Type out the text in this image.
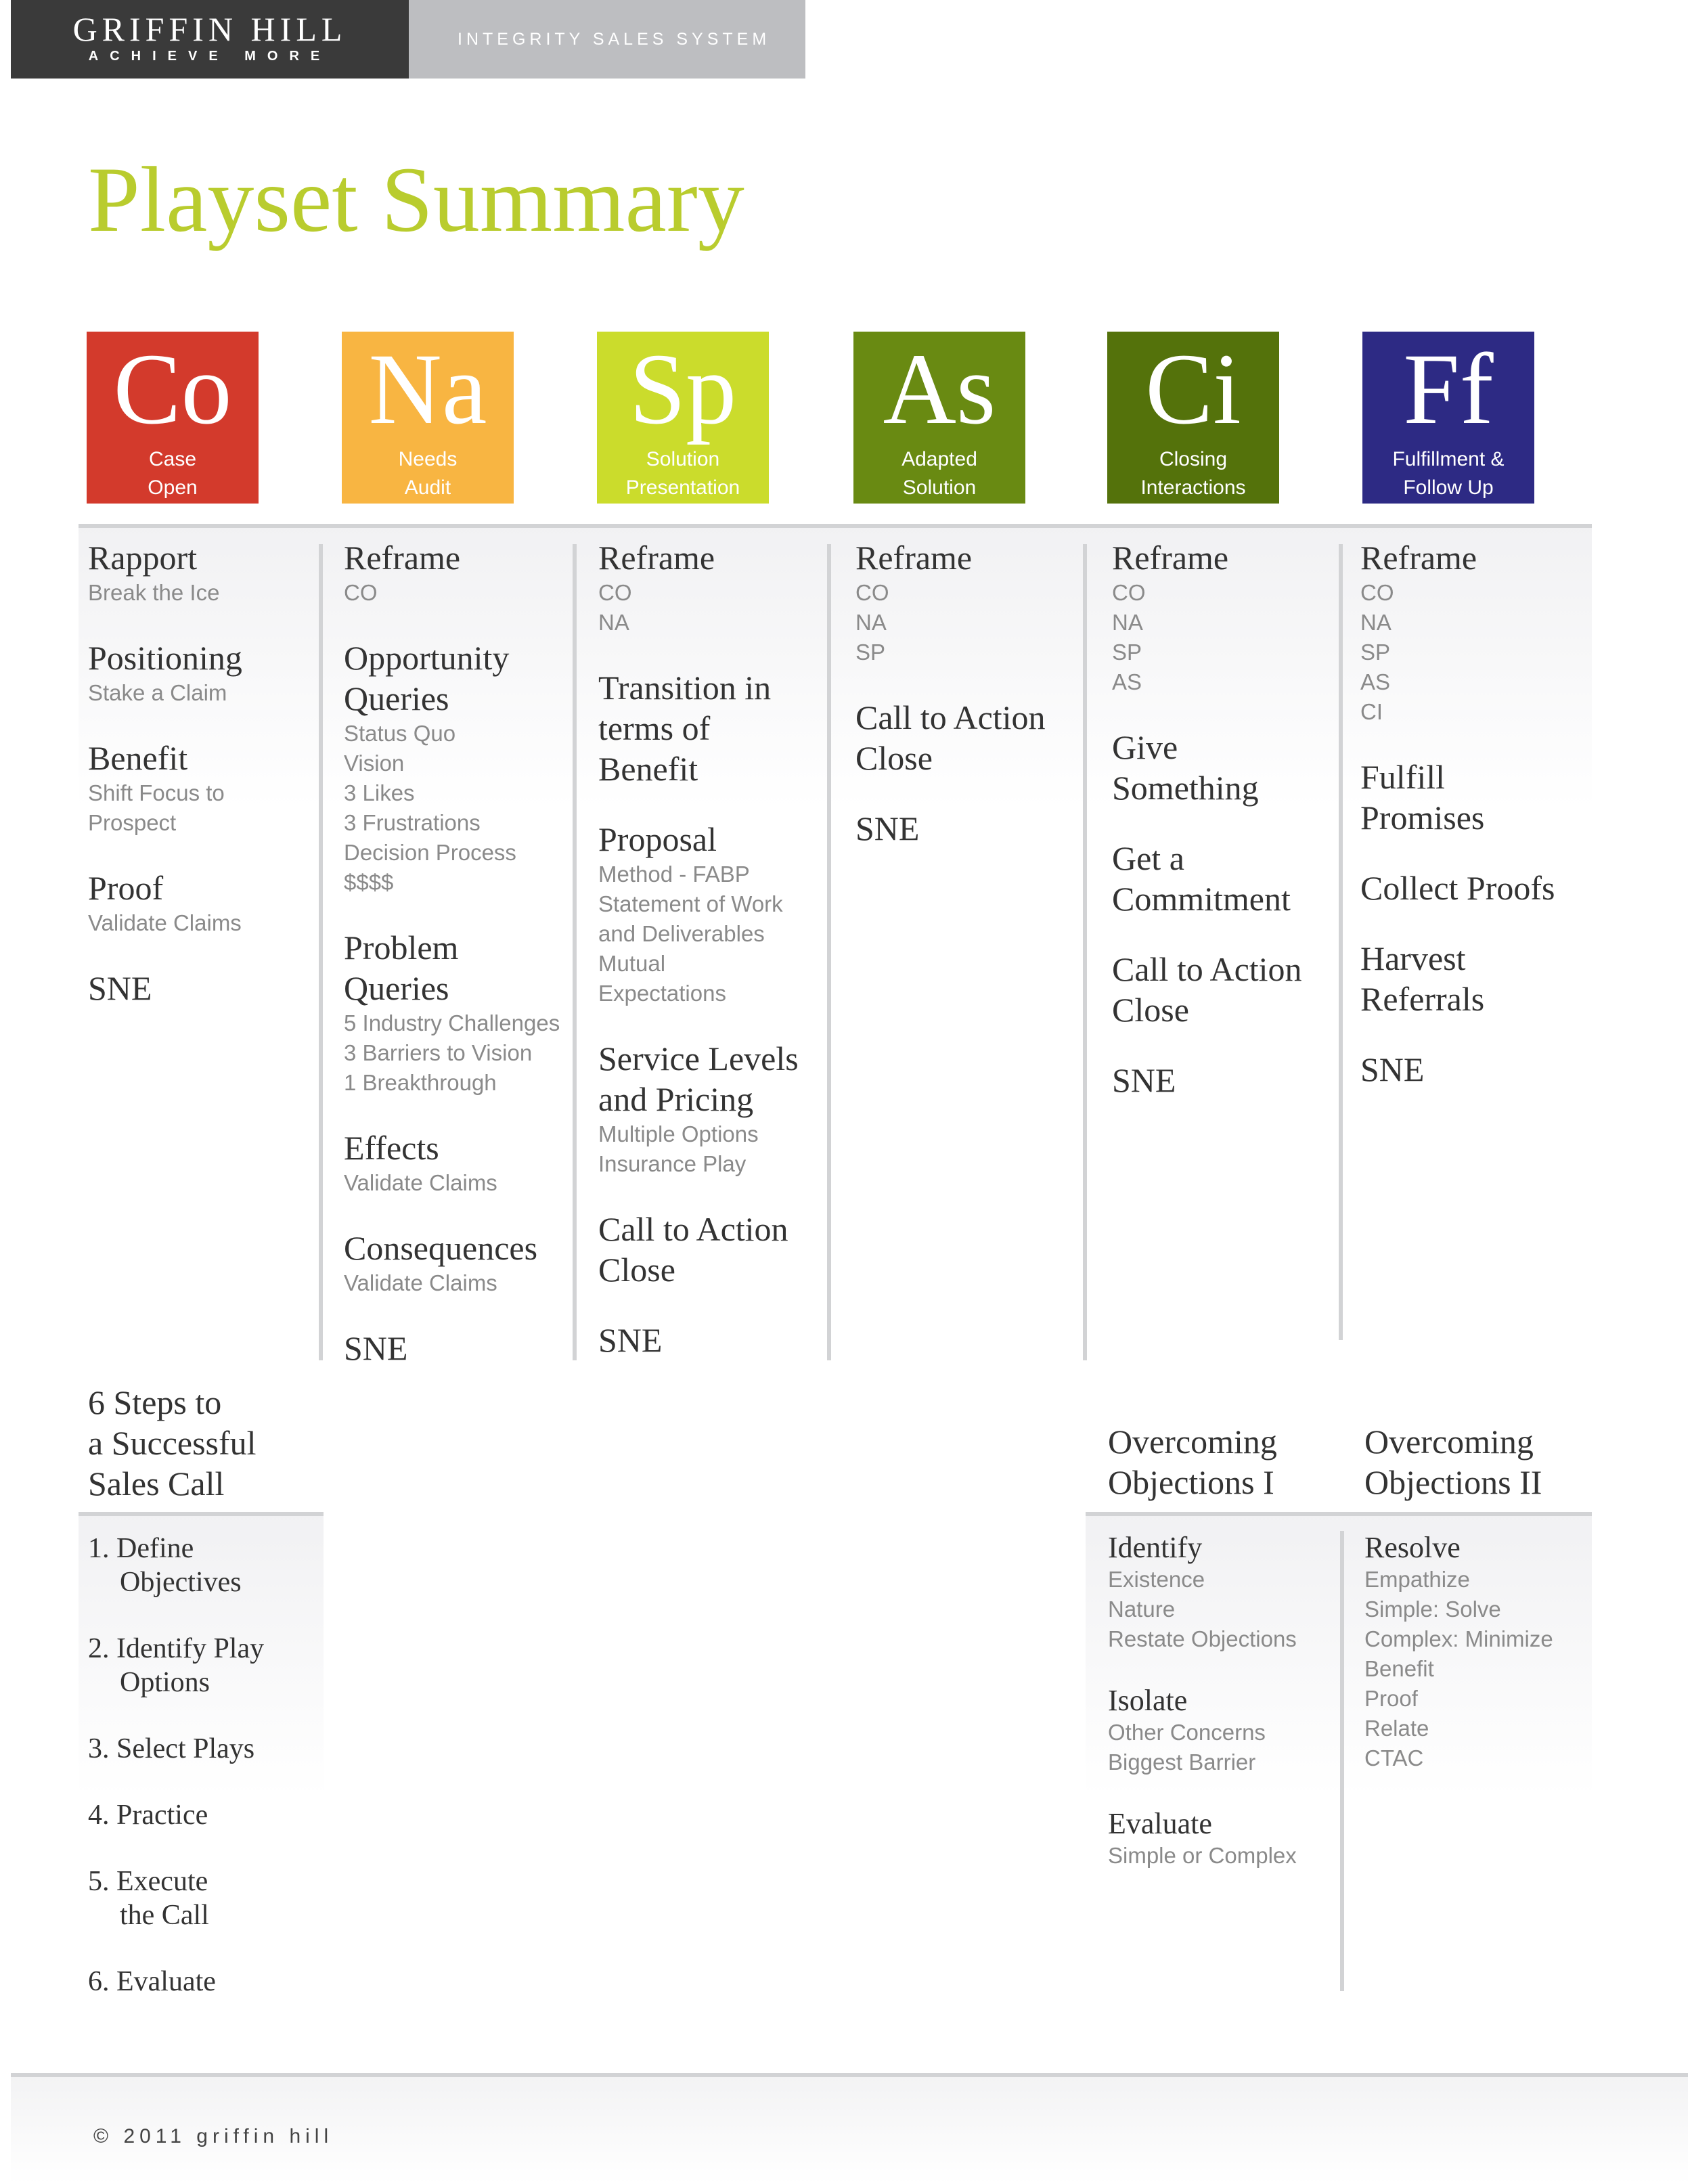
GRIFFIN HILL
ACHIEVE MORE
INTEGRITY SALES SYSTEM
Playset Summary
Co
Case
Open
Na
Needs
Audit
Sp
Solution
Presentation
As
Adapted
Solution
Ci
Closing
Interactions
Ff
Fulfillment &
Follow Up
Rapport
Break the Ice
Positioning
Stake a Claim
Benefit
Shift Focus to
Prospect
Proof
Validate Claims
SNE
Reframe
CO
Opportunity
Queries
Status Quo
Vision
3 Likes
3 Frustrations
Decision Process
$$$$
Problem
Queries
5 Industry Challenges
3 Barriers to Vision
1 Breakthrough
Effects
Validate Claims
Consequences
Validate Claims
SNE
Reframe
CO
NA
Transition in
terms of
Benefit
Proposal
Method - FABP
Statement of Work
and Deliverables
Mutual
Expectations
Service Levels
and Pricing
Multiple Options
Insurance Play
Call to Action
Close
SNE
Reframe
CO
NA
SP
Call to Action
Close
SNE
Reframe
CO
NA
SP
AS
Give
Something
Get a
Commitment
Call to Action
Close
SNE
Reframe
CO
NA
SP
AS
CI
Fulfill
Promises
Collect Proofs
Harvest
Referrals
SNE
6 Steps to
a Successful
Sales Call
1. Define
Objectives
2. Identify Play
Options
3. Select Plays
4. Practice
5. Execute
the Call
6. Evaluate
Overcoming
Objections I
Overcoming
Objections II
Identify
Existence
Nature
Restate Objections
Isolate
Other Concerns
Biggest Barrier
Evaluate
Simple or Complex
Resolve
Empathize
Simple: Solve
Complex: Minimize
Benefit
Proof
Relate
CTAC
© 2011 griffin hill
